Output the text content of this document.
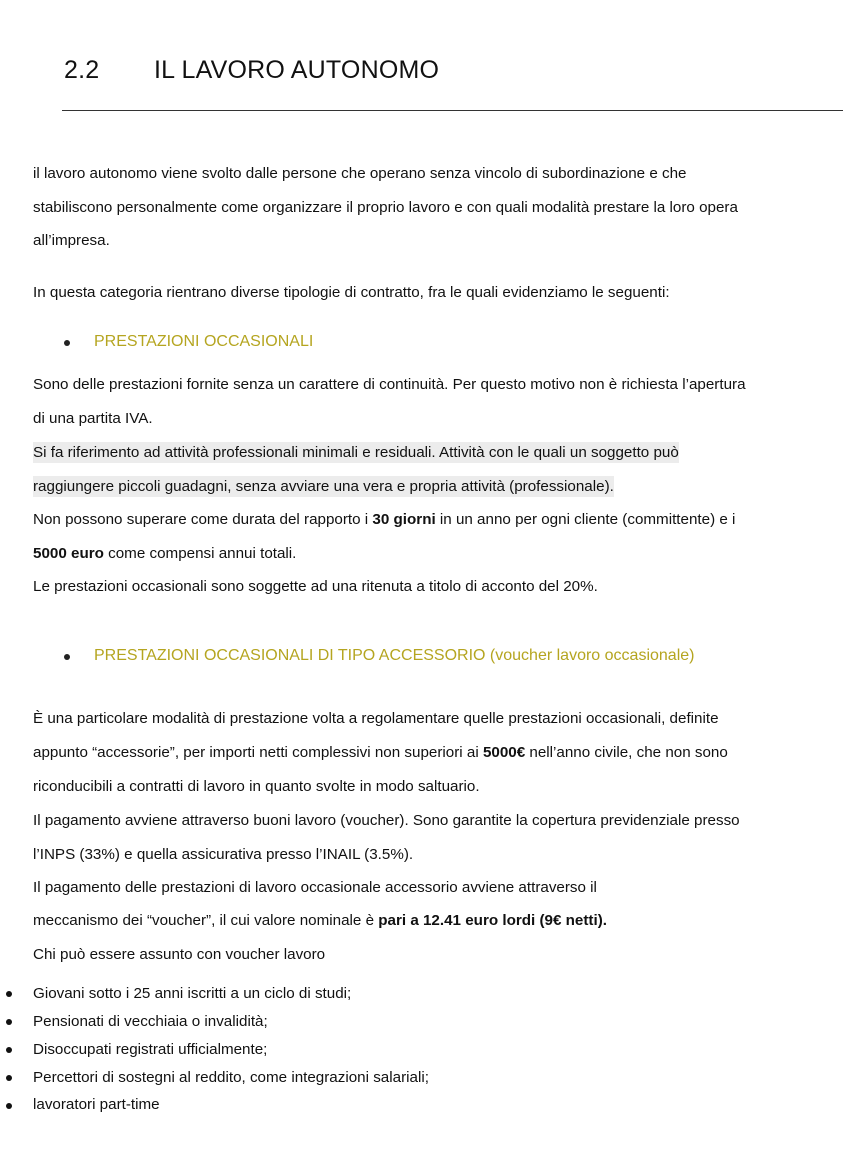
2.2 IL LAVORO AUTONOMO
il lavoro autonomo viene svolto dalle persone che operano senza vincolo di subordinazione e che
stabiliscono personalmente come organizzare il proprio lavoro e con quali modalità prestare la loro opera
all’impresa.
In questa categoria rientrano diverse tipologie di contratto, fra le quali evidenziamo le seguenti:
PRESTAZIONI OCCASIONALI
Sono delle prestazioni fornite senza un carattere di continuità. Per questo motivo non è richiesta l’apertura
di una partita IVA.
Si fa riferimento ad attività professionali minimali e residuali. Attività con le quali un soggetto può
raggiungere piccoli guadagni, senza avviare una vera e propria attività (professionale).
Non possono superare come durata del rapporto i 30 giorni in un anno per ogni cliente (committente) e i
5000 euro come compensi annui totali.
Le prestazioni occasionali sono soggette ad una ritenuta a titolo di acconto del 20%.
PRESTAZIONI OCCASIONALI DI TIPO ACCESSORIO (voucher lavoro occasionale)
È una particolare modalità di prestazione volta a regolamentare quelle prestazioni occasionali, definite
appunto “accessorie”, per importi netti complessivi non superiori ai 5000€ nell’anno civile, che non sono
riconducibili a contratti di lavoro in quanto svolte in modo saltuario.
Il pagamento avviene attraverso buoni lavoro (voucher). Sono garantite la copertura previdenziale presso
l’INPS (33%) e quella assicurativa presso l’INAIL (3.5%).
Il pagamento delle prestazioni di lavoro occasionale accessorio avviene attraverso il
meccanismo dei “voucher”, il cui valore nominale è pari a 12.41 euro lordi (9€ netti).
Chi può essere assunto con voucher lavoro
Giovani sotto i 25 anni iscritti a un ciclo di studi;
Pensionati di vecchiaia o invalidità;
Disoccupati registrati ufficialmente;
Percettori di sostegni al reddito, come integrazioni salariali;
lavoratori part-time
